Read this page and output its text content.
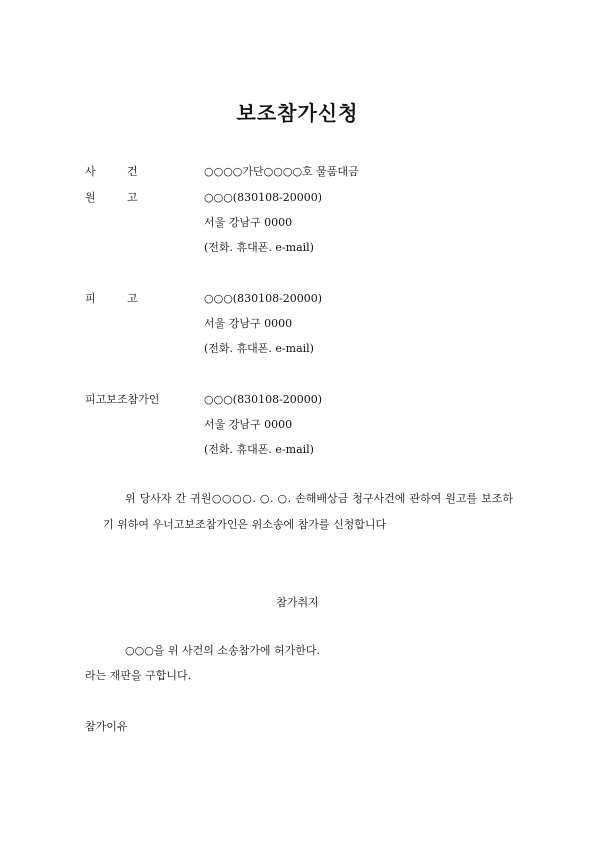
보조참가신청
사	건	○○○○가단○○○○호 물품대금
원	고	○○○(830108-20000)
서울 강남구 0000
(전화. 휴대폰. e-mail)
피	고	○○○(830108-20000)
서울 강남구 0000
(전화. 휴대폰. e-mail)
피고보조참가인	○○○(830108-20000)
서울 강남구 0000
(전화. 휴대폰. e-mail)
위 당사자 간 귀원○○○○. ○. ○. 손해배상금 청구사건에 관하여 원고를 보조하기 위하여 우너고보조참가인은 위소송에 참가를 신청합니다
참가취지
○○○을 위 사건의 소송참가에 허가한다.
라는 재판을 구합니다.
참가이유
